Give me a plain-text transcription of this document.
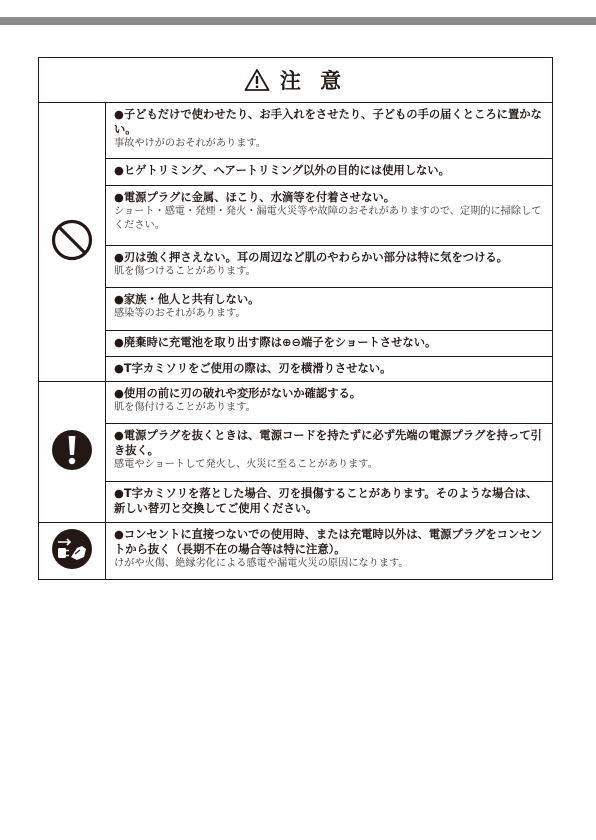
注 意
●子どもだけで使わせたり、お手入れをさせたり、子どもの手の届くところに置かない。
事故やけがのおそれがあります。
●ヒゲトリミング、ヘアートリミング以外の目的には使用しない。
●電源プラグに金属、ほこり、水滴等を付着させない。
ショート・感電・発煙・発火・漏電火災等や故障のおそれがありますので、定期的に掃除してください。
●刃は強く押さえない。耳の周辺など肌のやわらかい部分は特に気をつける。
肌を傷つけることがあります。
●家族・他人と共有しない。
感染等のおそれがあります。
●廃棄時に充電池を取り出す際は⊕⊖端子をショートさせない。
●T字カミソリをご使用の際は、刃を横滑りさせない。
●使用の前に刃の破れや変形がないか確認する。
肌を傷付けることがあります。
●電源プラグを抜くときは、電源コードを持たずに必ず先端の電源プラグを持って引き抜く。
感電やショートして発火し、火災に至ることがあります。
●T字カミソリを落とした場合、刃を損傷することがあります。そのような場合は、新しい替刃と交換してご使用ください。
●コンセントに直接つないでの使用時、または充電時以外は、電源プラグをコンセントから抜く（長期不在の場合等は特に注意）。
けがや火傷、絶縁劣化による感電や漏電火災の原因になります。
